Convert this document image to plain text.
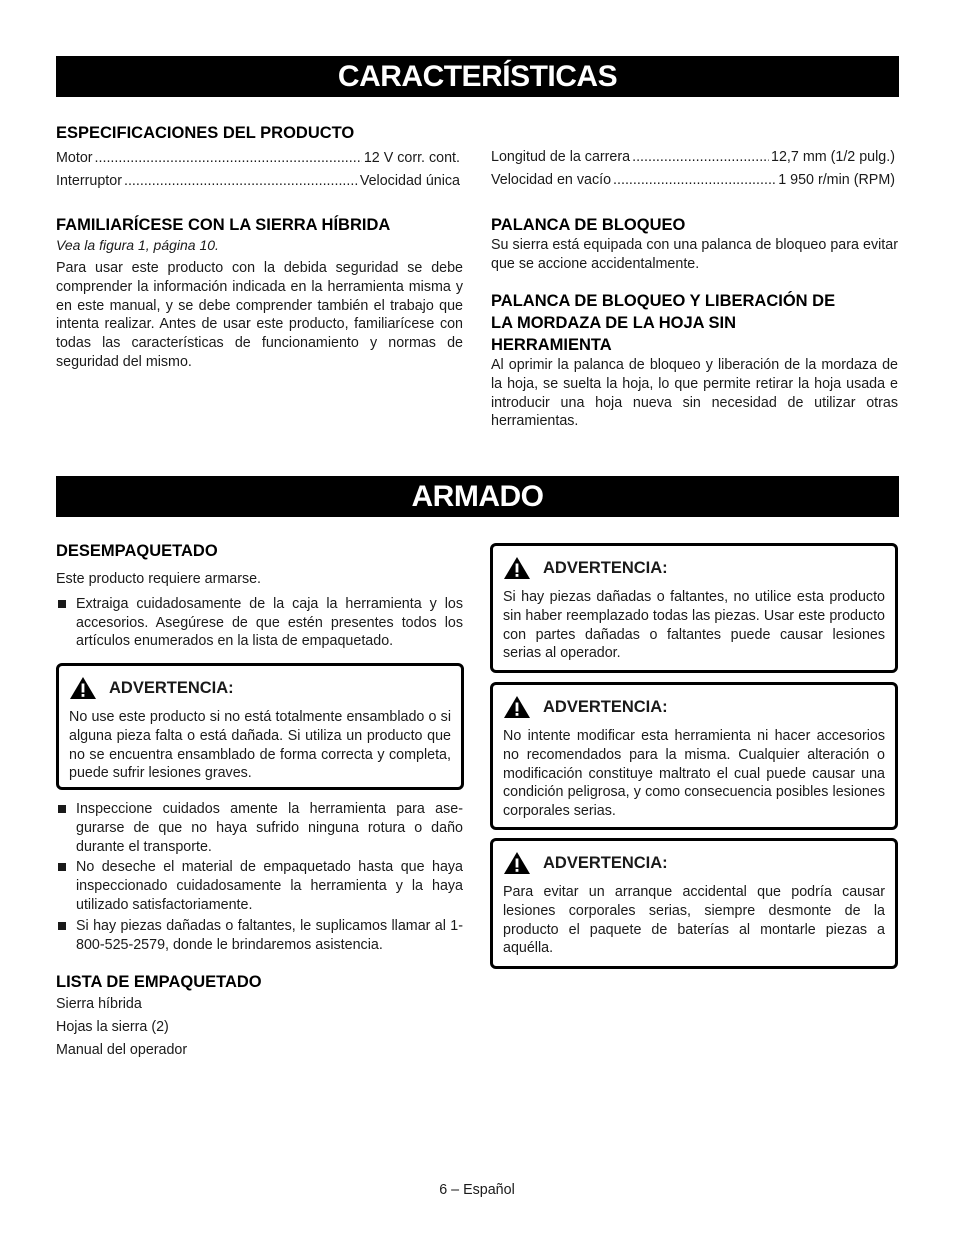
CARACTERÍSTICAS
ESPECIFICACIONES DEL PRODUCTO
Motor .....	12 V corr. cont.
Interruptor .....	Velocidad única
Longitud de la carrera .....	12,7 mm (1/2 pulg.)
Velocidad en vacío .....	1 950 r/min (RPM)
FAMILIARÍCESE CON LA SIERRA HÍBRIDA

Vea la figura 1, página 10.

Para usar este producto con la debida seguridad se debe comprender la información indicada en la herramienta misma y en este manual, y se debe comprender también el trabajo que intenta realizar. Antes de usar este producto, familiarícese con todas las características de funcionamiento y normas de seguridad del mismo.

PALANCA DE BLOQUEO

Su sierra está equipada con una palanca de bloqueo para evitar que se accione accidentalmente.

PALANCA DE BLOQUEO Y LIBERACIÓN DE LA MORDAZA DE LA HOJA SIN HERRAMIENTA

Al oprimir la palanca de bloqueo y liberación de la mordaza de la hoja, se suelta la hoja, lo que permite retirar la hoja usada e introducir una hoja nueva sin necesidad de utilizar otras herramientas.

ARMADO
DESEMPAQUETADO

Este producto requiere armarse.

Extraiga cuidadosamente de la caja la herramienta y los accesorios. Asegúrese de que estén presentes todos los artículos enumerados en la lista de empaquetado.
ADVERTENCIA:

No use este producto si no está totalmente ensamblado o si alguna pieza falta o está dañada. Si utiliza un producto que no se encuentra ensamblado de forma correcta y completa, puede sufrir lesiones graves.

Inspeccione cuidados amente la herramienta para ase-gurarse de que no haya sufrido ninguna rotura o daño durante el transporte.
No deseche el material de empaquetado hasta que haya inspeccionado cuidadosamente la herramienta y la haya utilizado satisfactoriamente.
Si hay piezas dañadas o faltantes, le suplicamos llamar al 1-800-525-2579, donde le brindaremos asistencia.
LISTA DE EMPAQUETADO
Sierra híbrida
Hojas la sierra (2)
Manual del operador
ADVERTENCIA:

Si hay piezas dañadas o faltantes, no utilice esta producto sin haber reemplazado todas las piezas. Usar este producto con partes dañadas o faltantes puede causar lesiones serias al operador.

ADVERTENCIA:

No intente modificar esta herramienta ni hacer accesorios no recomendados para la misma. Cualquier alteración o modificación constituye maltrato el cual puede causar una condición peligrosa, y como consecuencia posibles lesiones corporales serias.

ADVERTENCIA:

Para evitar un arranque accidental que podría causar lesiones corporales serias, siempre desmonte de la producto el paquete de baterías al montarle piezas a aquélla.

6 – Español
